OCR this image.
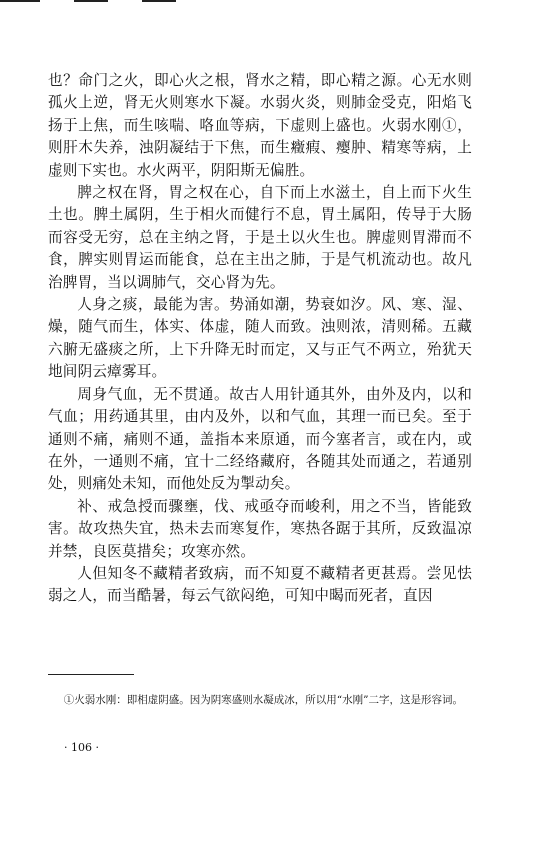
也？命门之火，即心火之根，肾水之精，即心精之源。心无水则孤火上逆，肾无火则寒水下凝。水弱火炎，则肺金受克，阳焰飞扬于上焦，而生咳喘、咯血等病，下虚则上盛也。火弱水刚①，则肝木失养，浊阴凝结于下焦，而生癥瘕、瘿肿、精寒等病，上虚则下实也。水火两平，阴阳斯无偏胜。

脾之权在肾，胃之权在心，自下而上水滋土，自上而下火生土也。脾土属阴，生于相火而健行不息，胃土属阳，传导于大肠而容受无穷，总在主纳之肾，于是土以火生也。脾虚则胃滞而不食，脾实则胃运而能食，总在主出之肺，于是气机流动也。故凡治脾胃，当以调肺气，交心肾为先。

人身之痰，最能为害。势涌如潮，势衰如汐。风、寒、湿、燥，随气而生，体实、体虚，随人而致。浊则浓，清则稀。五藏六腑无盛痰之所，上下升降无时而定，又与正气不两立，殆犹天地间阴云瘴雾耳。

周身气血，无不贯通。故古人用针通其外，由外及内，以和气血；用药通其里，由内及外，以和气血，其理一而已矣。至于通则不痛，痛则不通，盖指本来原通，而今塞者言，或在内，或在外，一通则不痛，宜十二经络藏府，各随其处而通之，若通别处，则痛处未知，而他处反为掣动矣。

补、戒急授而骤壅，伐、戒亟夺而峻利，用之不当，皆能致害。故攻热失宜，热未去而寒复作，寒热各踞于其所，反致温凉并禁，良医莫措矣；攻寒亦然。

人但知冬不藏精者致病，而不知夏不藏精者更甚焉。尝见怯弱之人，而当酷暑，每云气欲闷绝，可知中暍而死者，直因

①火弱水刚：即相虚阴盛。因为阴寒盛则水凝成冰，所以用“水刚”二字，这是形容词。

· 106 ·
